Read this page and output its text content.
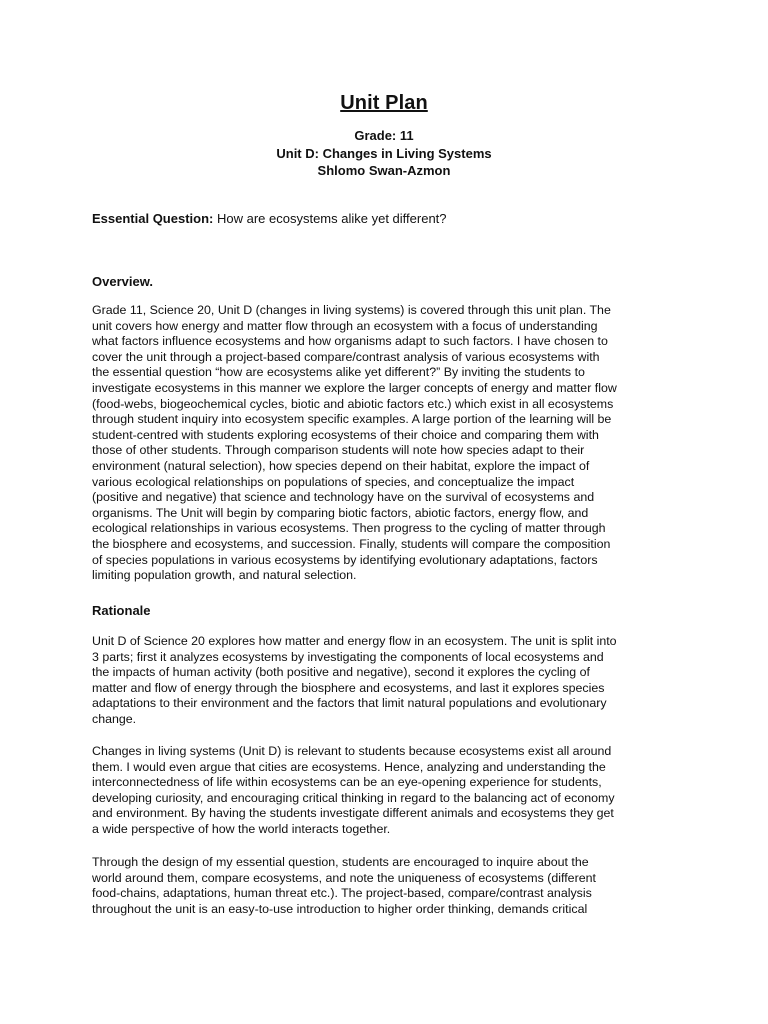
Unit Plan
Grade: 11
Unit D: Changes in Living Systems
Shlomo Swan-Azmon
Essential Question: How are ecosystems alike yet different?
Overview.
Grade 11, Science 20, Unit D (changes in living systems) is covered through this unit plan. The
unit covers how energy and matter flow through an ecosystem with a focus of understanding
what factors influence ecosystems and how organisms adapt to such factors. I have chosen to
cover the unit through a project-based compare/contrast analysis of various ecosystems with
the essential question “how are ecosystems alike yet different?” By inviting the students to
investigate ecosystems in this manner we explore the larger concepts of energy and matter flow
(food-webs, biogeochemical cycles, biotic and abiotic factors etc.) which exist in all ecosystems
through student inquiry into ecosystem specific examples. A large portion of the learning will be
student-centred with students exploring ecosystems of their choice and comparing them with
those of other students. Through comparison students will note how species adapt to their
environment (natural selection), how species depend on their habitat, explore the impact of
various ecological relationships on populations of species, and conceptualize the impact
(positive and negative) that science and technology have on the survival of ecosystems and
organisms. The Unit will begin by comparing biotic factors, abiotic factors, energy flow, and
ecological relationships in various ecosystems. Then progress to the cycling of matter through
the biosphere and ecosystems, and succession. Finally, students will compare the composition
of species populations in various ecosystems by identifying evolutionary adaptations, factors
limiting population growth, and natural selection.
Rationale
Unit D of Science 20 explores how matter and energy flow in an ecosystem. The unit is split into
3 parts; first it analyzes ecosystems by investigating the components of local ecosystems and
the impacts of human activity (both positive and negative), second it explores the cycling of
matter and flow of energy through the biosphere and ecosystems, and last it explores species
adaptations to their environment and the factors that limit natural populations and evolutionary
change.
Changes in living systems (Unit D) is relevant to students because ecosystems exist all around
them. I would even argue that cities are ecosystems. Hence, analyzing and understanding the
interconnectedness of life within ecosystems can be an eye-opening experience for students,
developing curiosity, and encouraging critical thinking in regard to the balancing act of economy
and environment. By having the students investigate different animals and ecosystems they get
a wide perspective of how the world interacts together.
Through the design of my essential question, students are encouraged to inquire about the
world around them, compare ecosystems, and note the uniqueness of ecosystems (different
food-chains, adaptations, human threat etc.). The project-based, compare/contrast analysis
throughout the unit is an easy-to-use introduction to higher order thinking, demands critical
